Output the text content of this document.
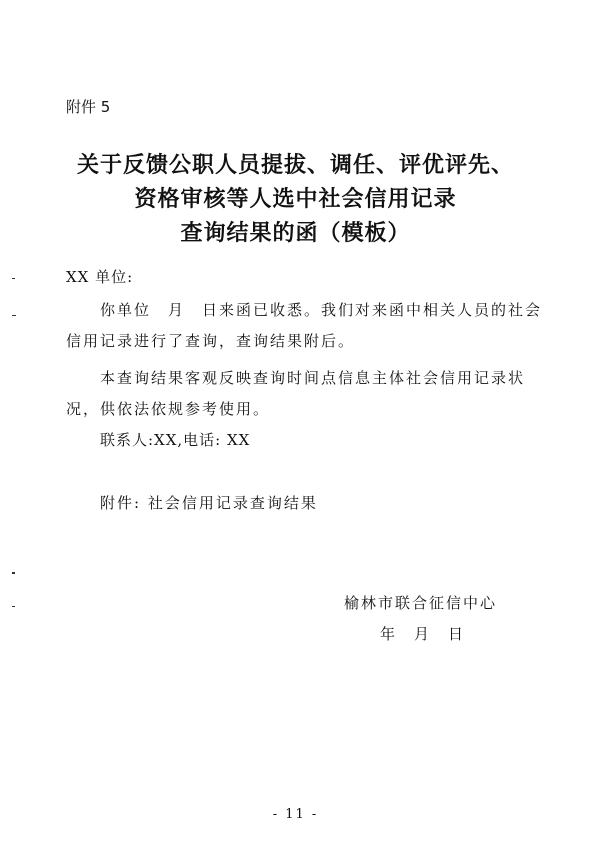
附件 5
关于反馈公职人员提拔、调任、评优评先、
资格审核等人选中社会信用记录
查询结果的函（模板）
XX 单位:
你单位　月　日来函已收悉。我们对来函中相关人员的社会
信用记录进行了查询，查询结果附后。
本查询结果客观反映查询时间点信息主体社会信用记录状
况，供依法依规参考使用。
联系人:XX,电话: XX
附件: 社会信用记录查询结果
榆林市联合征信中心
年　月　日
- 11 -
